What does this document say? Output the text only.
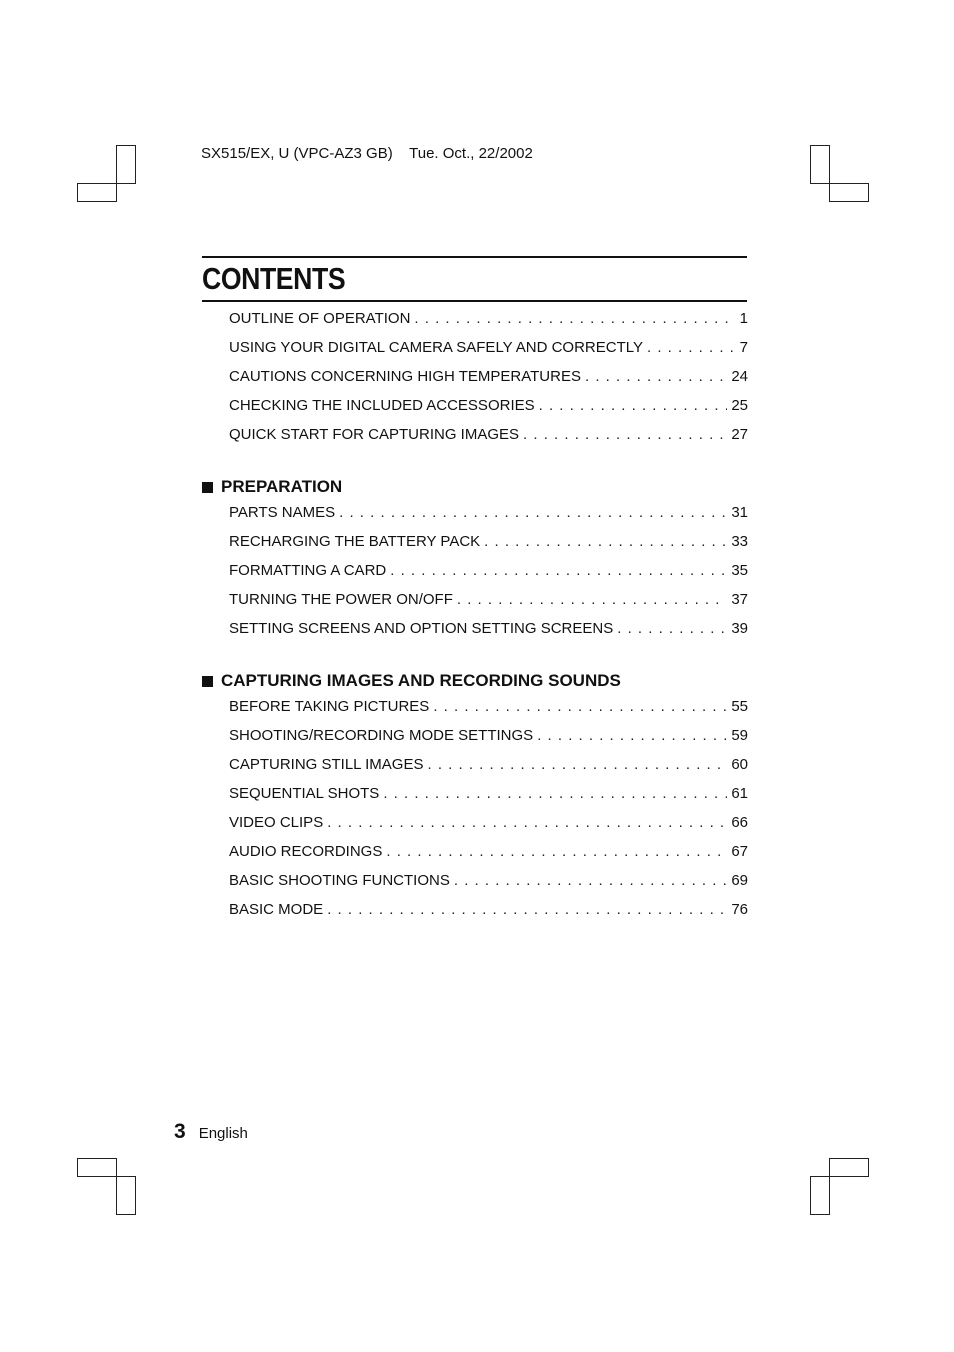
SX515/EX, U (VPC-AZ3 GB)    Tue. Oct., 22/2002
CONTENTS
OUTLINE OF OPERATION . . .	1
USING YOUR DIGITAL CAMERA SAFELY AND CORRECTLY . . .	7
CAUTIONS CONCERNING HIGH TEMPERATURES . . .	24
CHECKING THE INCLUDED ACCESSORIES . . .	25
QUICK START FOR CAPTURING IMAGES . . .	27
PREPARATION
PARTS NAMES . . .	31
RECHARGING THE BATTERY PACK . . .	33
FORMATTING A CARD . . .	35
TURNING THE POWER ON/OFF . . .	37
SETTING SCREENS AND OPTION SETTING SCREENS . . .	39
CAPTURING IMAGES AND RECORDING SOUNDS
BEFORE TAKING PICTURES . . .	55
SHOOTING/RECORDING MODE SETTINGS . . .	59
CAPTURING STILL IMAGES . . .	60
SEQUENTIAL SHOTS . . .	61
VIDEO CLIPS . . .	66
AUDIO RECORDINGS . . .	67
BASIC SHOOTING FUNCTIONS . . .	69
BASIC MODE . . .	76
3 English
